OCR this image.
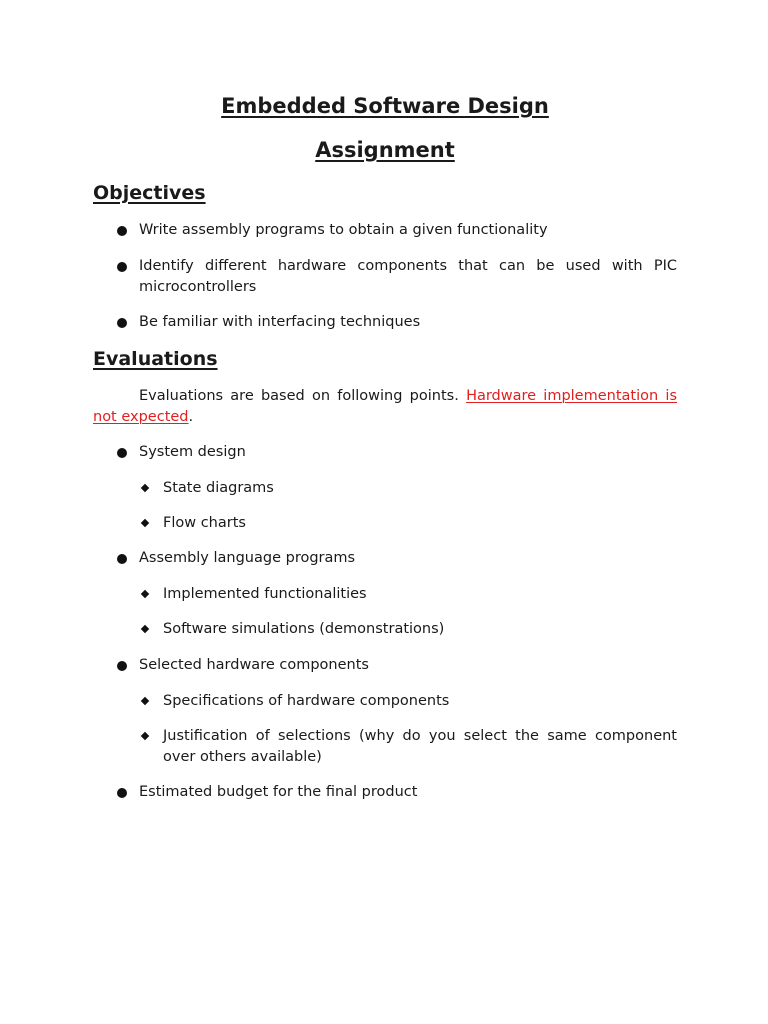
Embedded Software Design
Assignment
Objectives
Write assembly programs to obtain a given functionality
Identify different hardware components that can be used with PIC microcontrollers
Be familiar with interfacing techniques
Evaluations

Evaluations are based on following points. Hardware implementation is not expected.

System design
State diagrams
Flow charts
Assembly language programs
Implemented functionalities
Software simulations (demonstrations)
Selected hardware components
Specifications of hardware components
Justification of selections (why do you select the same component over others available)
Estimated budget for the final product
